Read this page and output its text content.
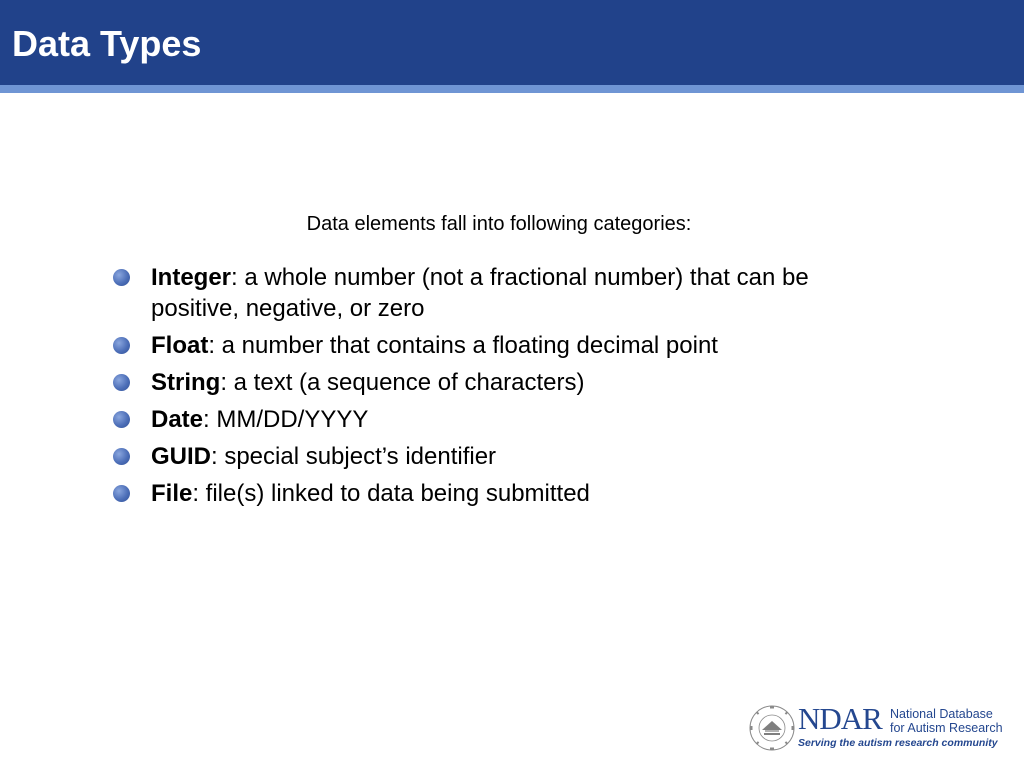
Data Types
Data elements fall into following categories:
Integer: a whole number (not a fractional number) that can be positive, negative, or zero
Float: a number that contains a floating decimal point
String: a text (a sequence of characters)
Date: MM/DD/YYYY
GUID: special subject’s identifier
File: file(s) linked to data being submitted
NDAR National Database
for Autism Research
Serving the autism research community
